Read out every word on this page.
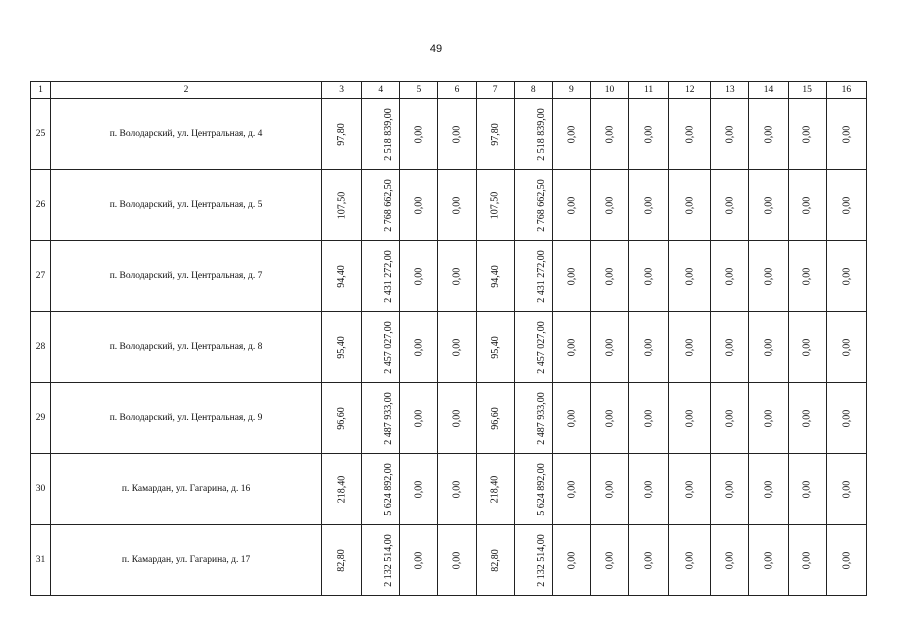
49
1	2	3	4	5	6	7	8	9	10	11	12	13	14	15	16
25	п. Володарский, ул. Центральная, д. 4	97,80	2 518 839,00	0,00	0,00	97,80	2 518 839,00	0,00	0,00	0,00	0,00	0,00	0,00	0,00	0,00
26	п. Володарский, ул. Центральная, д. 5	107,50	2 768 662,50	0,00	0,00	107,50	2 768 662,50	0,00	0,00	0,00	0,00	0,00	0,00	0,00	0,00
27	п. Володарский, ул. Центральная, д. 7	94,40	2 431 272,00	0,00	0,00	94,40	2 431 272,00	0,00	0,00	0,00	0,00	0,00	0,00	0,00	0,00
28	п. Володарский, ул. Центральная, д. 8	95,40	2 457 027,00	0,00	0,00	95,40	2 457 027,00	0,00	0,00	0,00	0,00	0,00	0,00	0,00	0,00
29	п. Володарский, ул. Центральная, д. 9	96,60	2 487 933,00	0,00	0,00	96,60	2 487 933,00	0,00	0,00	0,00	0,00	0,00	0,00	0,00	0,00
30	п. Камардан, ул. Гагарина, д. 16	218,40	5 624 892,00	0,00	0,00	218,40	5 624 892,00	0,00	0,00	0,00	0,00	0,00	0,00	0,00	0,00
31	п. Камардан, ул. Гагарина, д. 17	82,80	2 132 514,00	0,00	0,00	82,80	2 132 514,00	0,00	0,00	0,00	0,00	0,00	0,00	0,00	0,00
